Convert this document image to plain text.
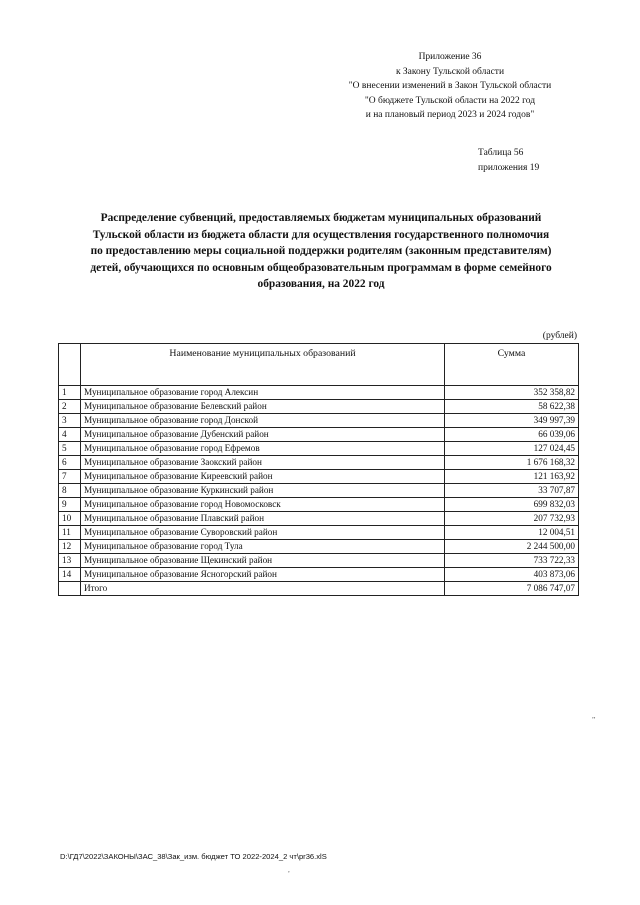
Приложение 36
к Закону Тульской области
"О внесении изменений в Закон Тульской области
"О бюджете Тульской области на 2022 год
и на плановый период 2023 и 2024 годов"
Таблица 56
приложения 19
Распределение субвенций, предоставляемых бюджетам муниципальных образований
Тульской области из бюджета области для осуществления государственного полномочия
по предоставлению меры социальной поддержки родителям (законным представителям)
детей, обучающихся по основным общеобразовательным программам в форме семейного
образования, на 2022 год
(рублей)
	Наименование муниципальных образований	Сумма
1	Муниципальное образование город Алексин	352 358,82
2	Муниципальное образование Белевский район	58 622,38
3	Муниципальное образование город Донской	349 997,39
4	Муниципальное образование Дубенский район	66 039,06
5	Муниципальное образование город Ефремов	127 024,45
6	Муниципальное образование Заокский район	1 676 168,32
7	Муниципальное образование Киреевский район	121 163,92
8	Муниципальное образование Куркинский район	33 707,87
9	Муниципальное образование город Новомосковск	699 832,03
10	Муниципальное образование Плавский район	207 732,93
11	Муниципальное образование Суворовский район	12 004,51
12	Муниципальное образование город Тула	2 244 500,00
13	Муниципальное образование Щекинский район	733 722,33
14	Муниципальное образование Ясногорский район	403 873,06
	Итого	7 086 747,07
,,
D:\ГД7\2022\ЗАКОНЫ\ЗАС_38\Зак_изм. бюджет ТО 2022-2024_2 чт\pr36.xlS
,
